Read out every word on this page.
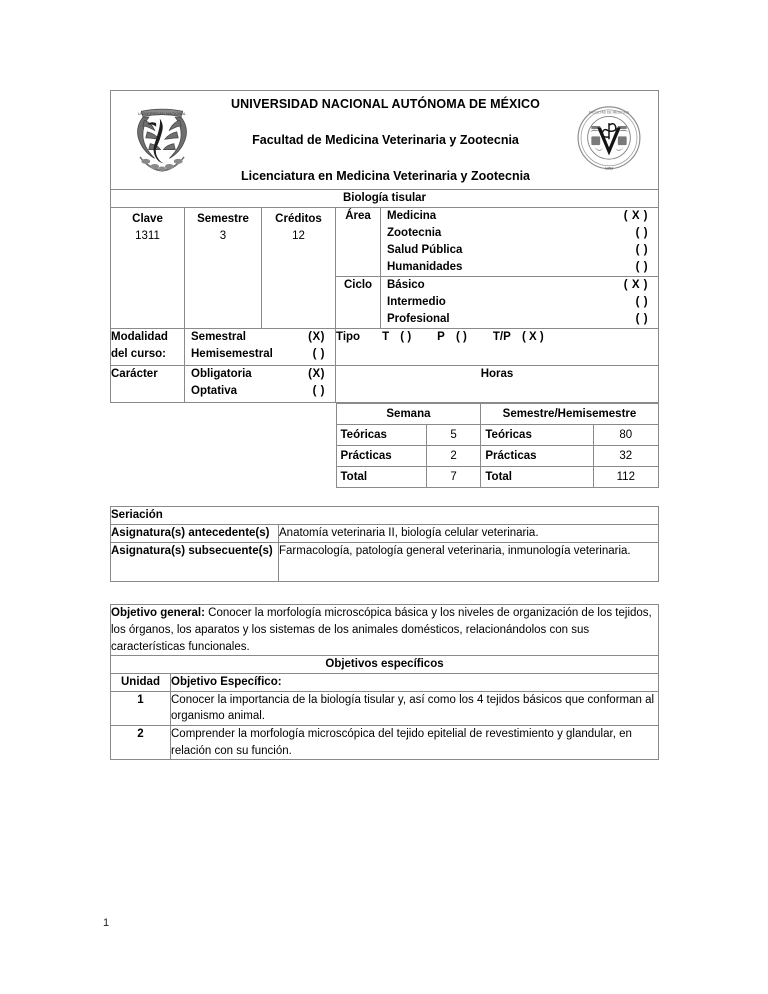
UNIVERSIDAD NACIONAL
UNIVERSIDAD NACIONAL AUTÓNOMA DE MÉXICO
Facultad de Medicina Veterinaria y Zootecnia
Licenciatura en Medicina Veterinaria y Zootecnia
FACULTAD DE MEDICINA
1853

Biología tisular

Clave
1311

Semestre
3

Créditos
12
	Área	Medicina	( X )
Zootecnia	( )
Salud Pública	( )
Humanidades	( )

Ciclo	Básico	( X )
Intermedio	( )
Profesional	( )

Modalidad del curso:	
Semestral	(X)
Hemisemestral	( )

Tipo T ( ) P ( ) T/P ( X )

Carácter	Obligatoria	(X)
Optativa	( )
	Horas

Semana	Semestre/Hemisemestre
Teóricas	5	Teóricas	80
Prácticas	2	Prácticas	32
Total	7	Total	112
Seriación	
Asignatura(s) antecedente(s)	Anatomía veterinaria II, biología celular veterinaria.
Asignatura(s) subsecuente(s)	Farmacología, patología general veterinaria, inmunología veterinaria.
Objetivo general: Conocer la morfología microscópica básica y los niveles de organización de los tejidos, los órganos, los aparatos y los sistemas de los animales domésticos, relacionándolos con sus características funcionales.	
Objetivos específicos	
Unidad	Objetivo Específico:
1	Conocer la importancia de la biología tisular y, así como los 4 tejidos básicos que conforman al organismo animal.
2	Comprender la morfología microscópica del tejido epitelial de revestimiento y glandular, en relación con su función.
1
